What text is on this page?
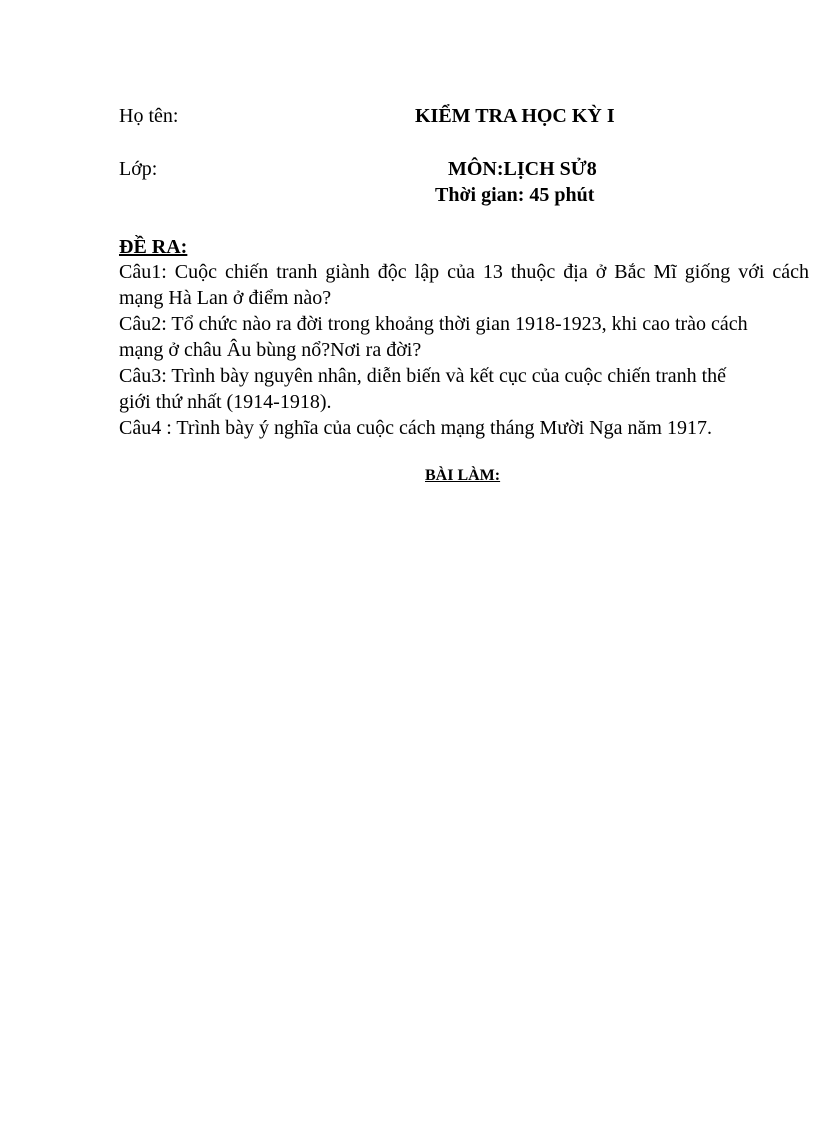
Họ tên:	KIỂM TRA HỌC KỲ I
Lớp:	MÔN:LỊCH SỬ8
Thời gian: 45 phút
ĐỀ RA:
Câu1: Cuộc chiến tranh giành độc lập của 13 thuộc địa ở Bắc Mĩ giống với cách
mạng Hà Lan ở điểm nào?
Câu2: Tổ chức nào ra đời trong khoảng thời gian 1918-1923, khi cao trào cách
mạng ở châu Âu bùng nổ?Nơi ra đời?
Câu3: Trình bày nguyên nhân, diễn biến và kết cục của cuộc chiến tranh thế
giới thứ nhất (1914-1918).
Câu4 : Trình bày ý nghĩa của cuộc cách mạng tháng Mười Nga năm 1917.
BÀI LÀM:
